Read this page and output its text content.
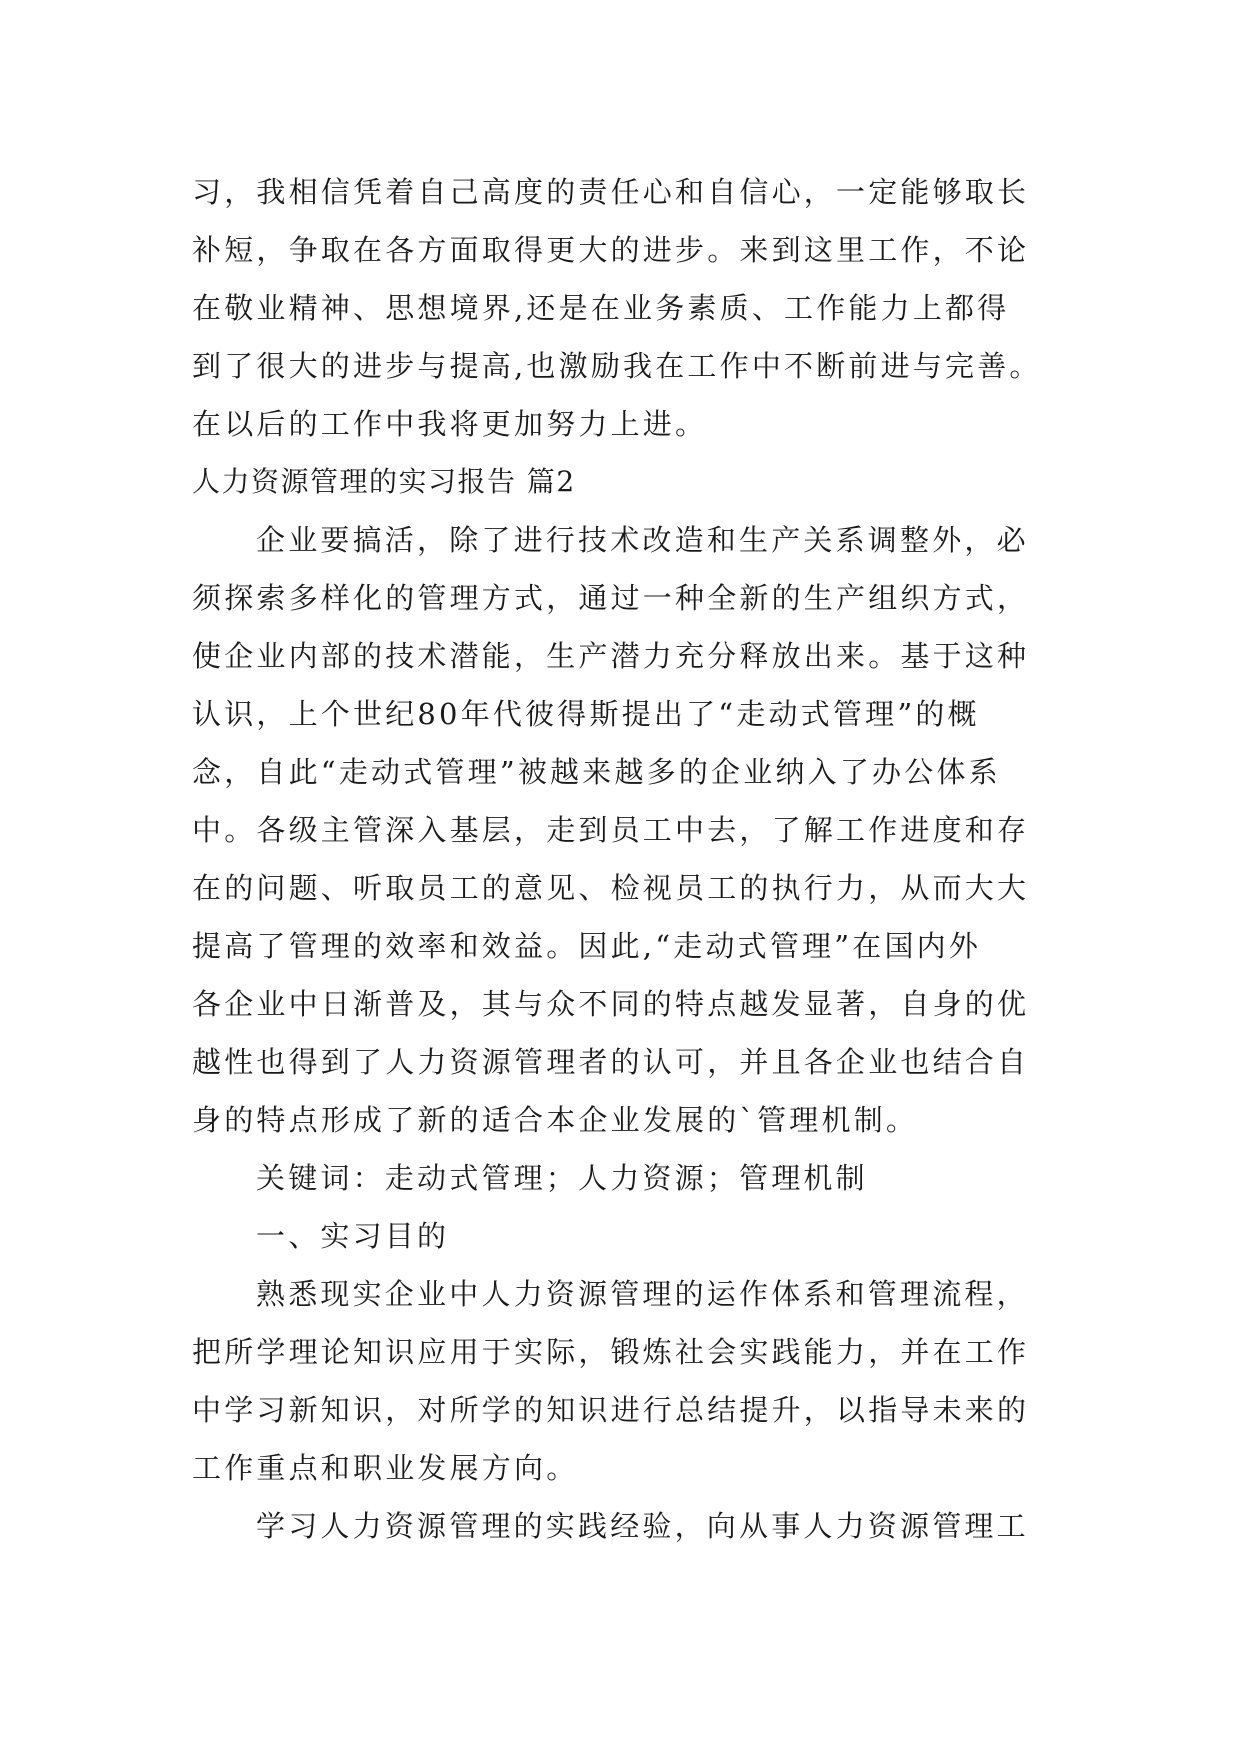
习，我相信凭着自己高度的责任心和自信心，一定能够取长
补短，争取在各方面取得更大的进步。来到这里工作，不论
在敬业精神、思想境界,还是在业务素质、工作能力上都得
到了很大的进步与提高,也激励我在工作中不断前进与完善。
在以后的工作中我将更加努力上进。
人力资源管理的实习报告 篇2
企业要搞活，除了进行技术改造和生产关系调整外，必
须探索多样化的管理方式，通过一种全新的生产组织方式，
使企业内部的技术潜能，生产潜力充分释放出来。基于这种
认识，上个世纪80年代彼得斯提出了“走动式管理”的概
念，自此“走动式管理”被越来越多的企业纳入了办公体系
中。各级主管深入基层，走到员工中去，了解工作进度和存
在的问题、听取员工的意见、检视员工的执行力，从而大大
提高了管理的效率和效益。因此,“走动式管理”在国内外
各企业中日渐普及，其与众不同的特点越发显著，自身的优
越性也得到了人力资源管理者的认可，并且各企业也结合自
身的特点形成了新的适合本企业发展的`管理机制。
关键词：走动式管理；人力资源；管理机制
一、实习目的
熟悉现实企业中人力资源管理的运作体系和管理流程，
把所学理论知识应用于实际，锻炼社会实践能力，并在工作
中学习新知识，对所学的知识进行总结提升，以指导未来的
工作重点和职业发展方向。
学习人力资源管理的实践经验，向从事人力资源管理工
